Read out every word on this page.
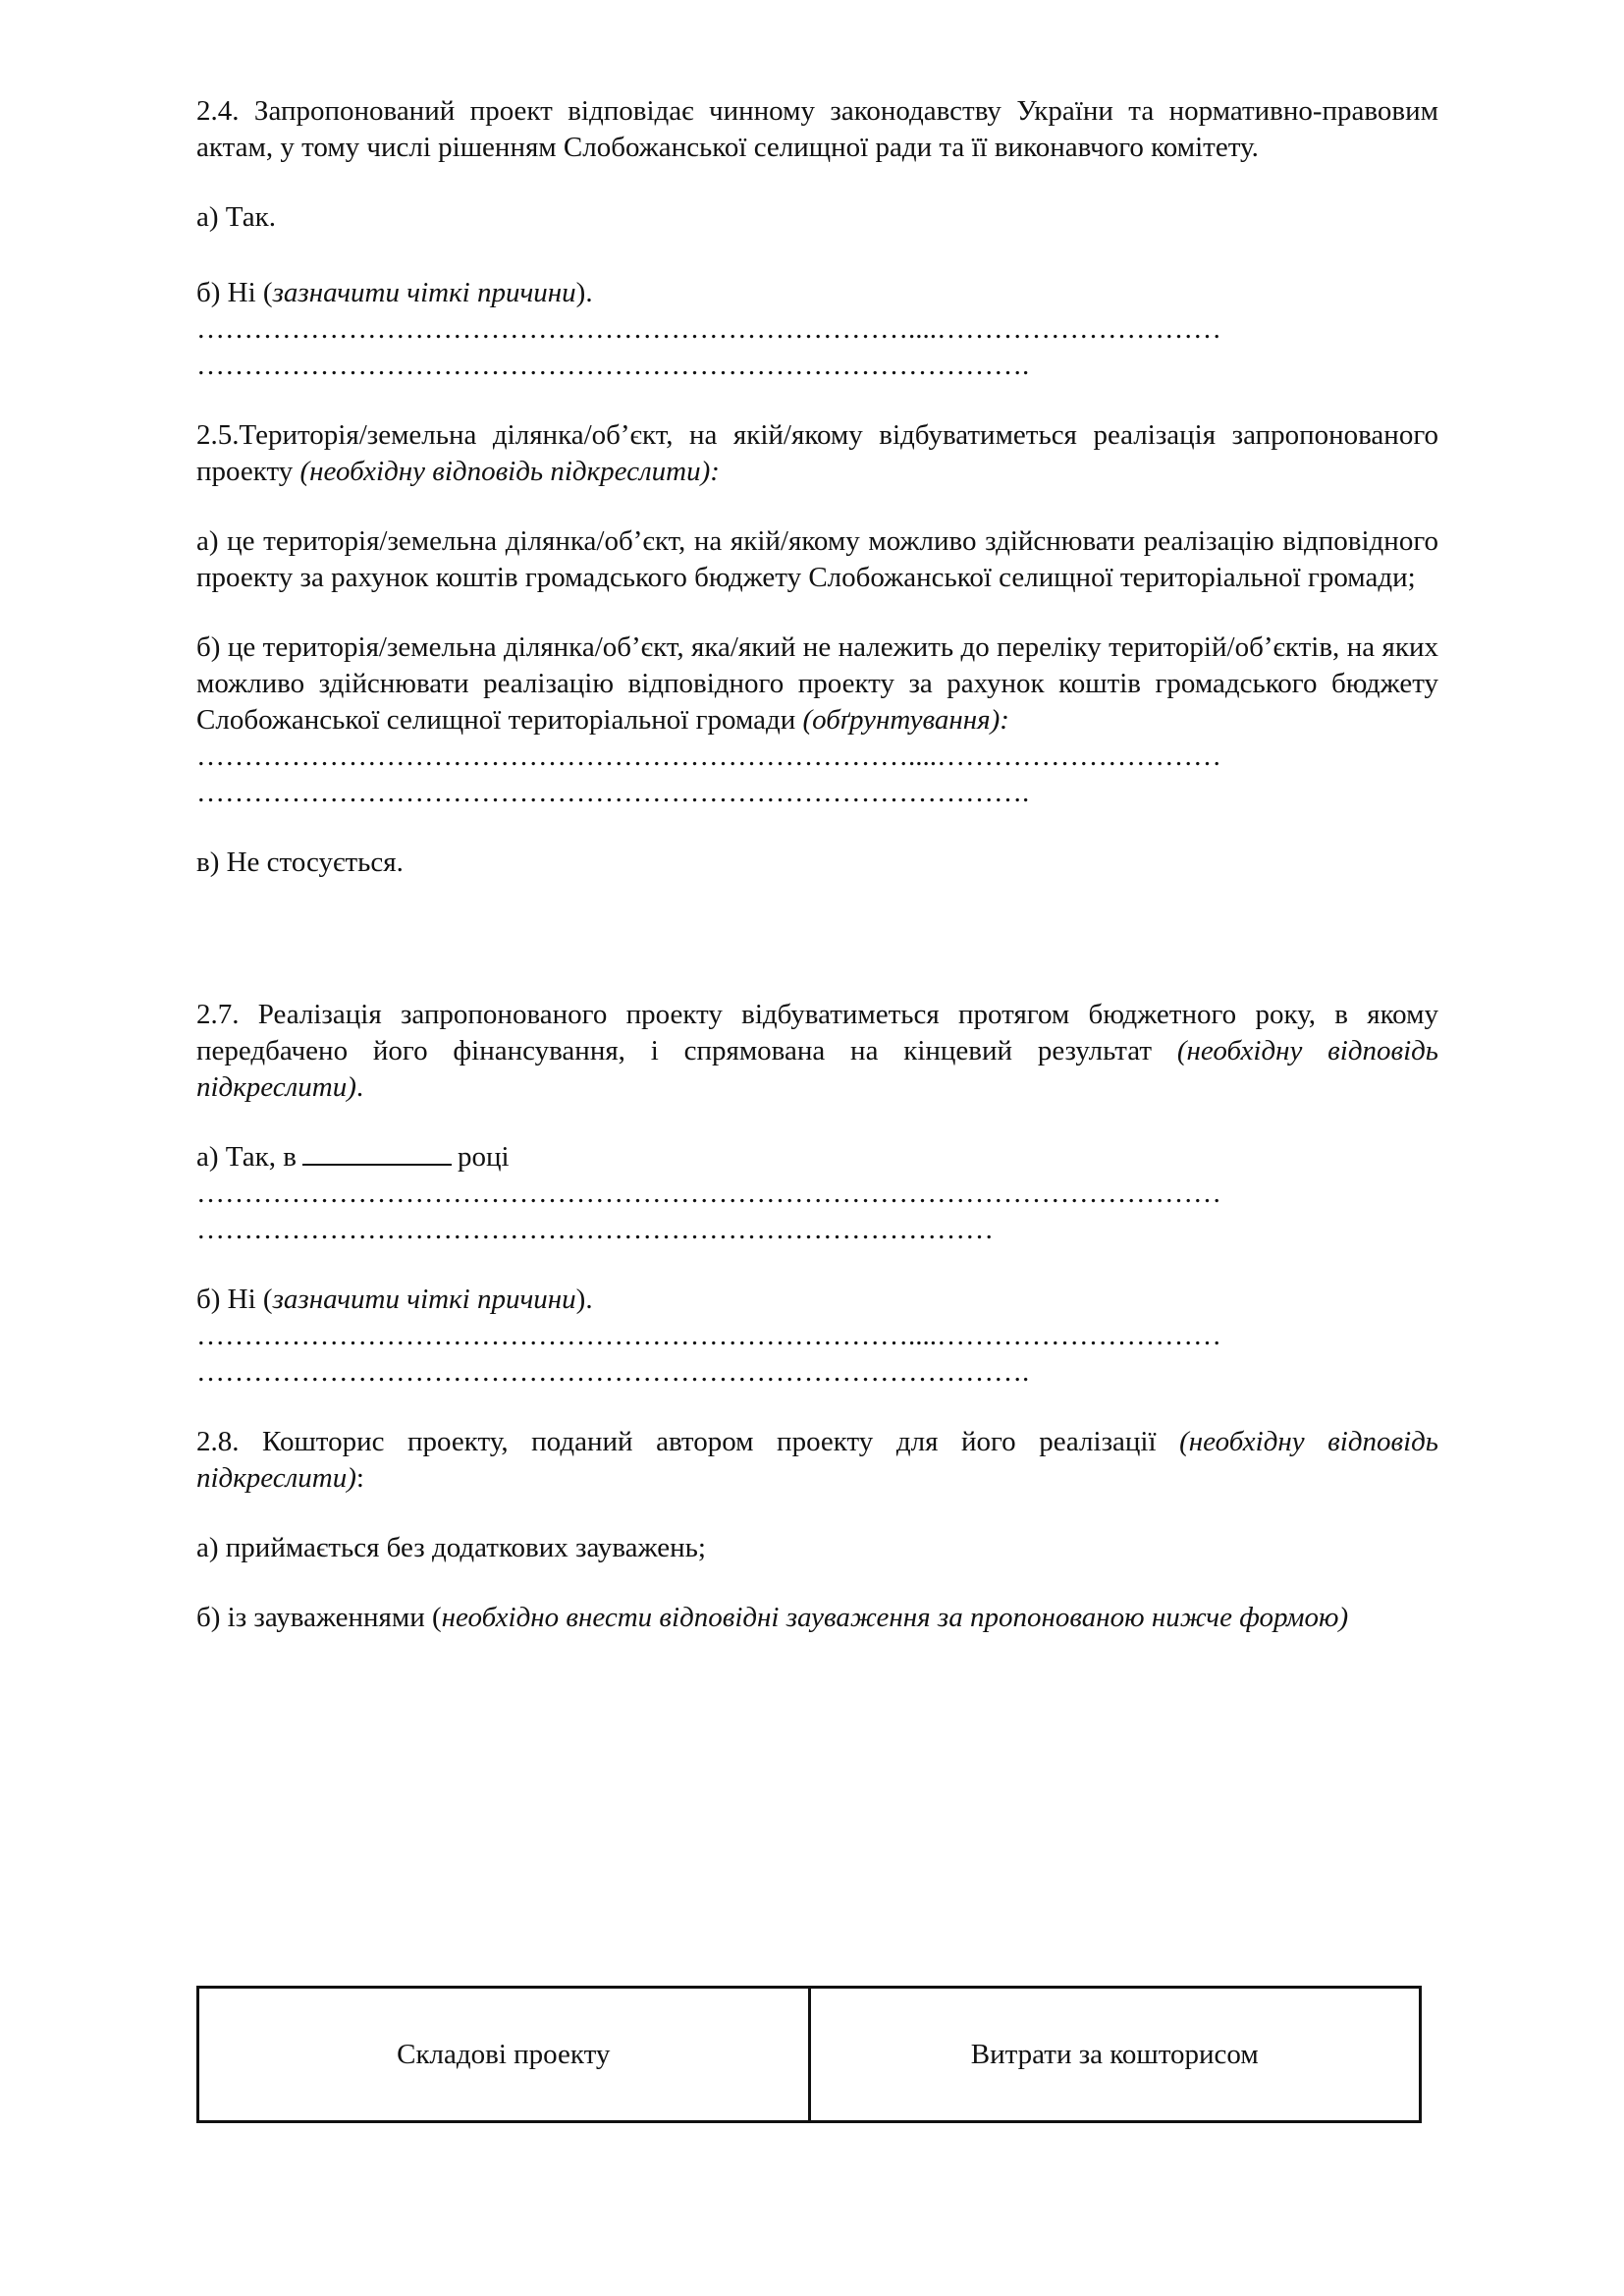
2.4. Запропонований проект відповідає чинному законодавству України та нормативно-правовим актам, у тому числі рішенням Слобожанської селищної ради та її виконавчого комітету.

а) Так.

б) Ні (зазначити чіткі причини).

…………………………………………………………………....…………………………

…………………………………………………………………………….

2.5.Територія/земельна ділянка/об’єкт, на якій/якому відбуватиметься реалізація запропонованого проекту (необхідну відповідь підкреслити):

а) це територія/земельна ділянка/об’єкт, на якій/якому можливо здійснювати реалізацію відповідного проекту за рахунок коштів громадського бюджету Слобожанської селищної територіальної громади;

б) це територія/земельна ділянка/об’єкт, яка/який не належить до переліку територій/об’єктів, на яких можливо здійснювати реалізацію відповідного проекту за рахунок коштів громадського бюджету Слобожанської селищної територіальної громади (обґрунтування):

…………………………………………………………………....…………………………

…………………………………………………………………………….

в) Не стосується.

2.7. Реалізація запропонованого проекту відбуватиметься протягом бюджетного року, в якому передбачено його фінансування, і спрямована на кінцевий результат (необхідну відповідь підкреслити).

а) Так, в	році

………………………………………………………………………………………………

…………………………………………………………………………

б) Ні (зазначити чіткі причини).

…………………………………………………………………....…………………………

…………………………………………………………………………….

2.8. Кошторис проекту, поданий автором проекту для його реалізації (необхідну відповідь підкреслити):

а) приймається без додаткових зауважень;

б) із зауваженнями (необхідно внести відповідні зауваження за пропонованою нижче формою)

Складові проекту	Витрати за кошторисом
